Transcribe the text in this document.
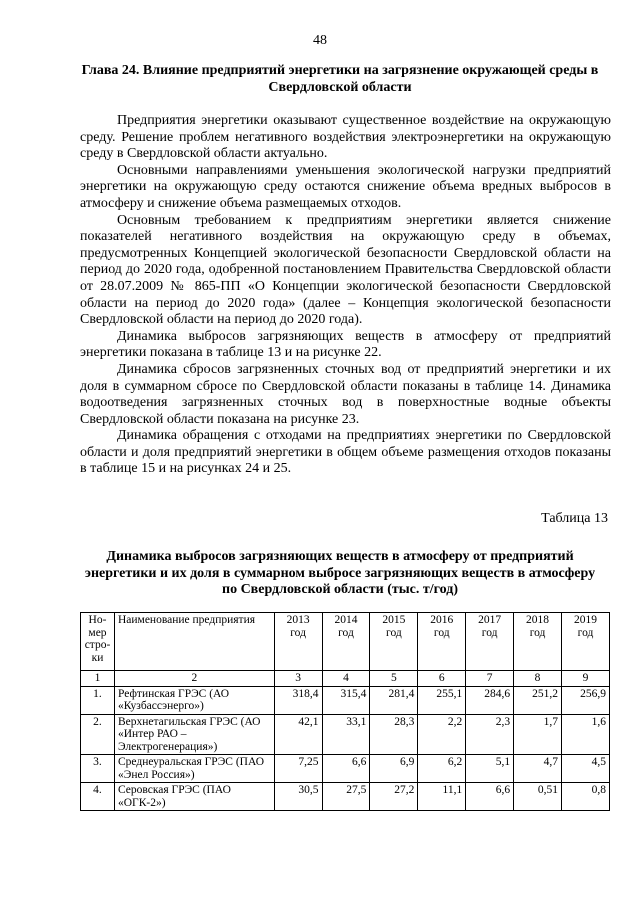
48
Глава 24. Влияние предприятий энергетики на загрязнение окружающей среды в Свердловской области

Предприятия энергетики оказывают существенное воздействие на окружающую среду. Решение проблем негативного воздействия электроэнергетики на окружающую среду в Свердловской области актуально.

Основными направлениями уменьшения экологической нагрузки предприятий энергетики на окружающую среду остаются снижение объема вредных выбросов в атмосферу и снижение объема размещаемых отходов.

Основным требованием к предприятиям энергетики является снижение показателей негативного воздействия на окружающую среду в объемах, предусмотренных Концепцией экологической безопасности Свердловской области на период до 2020 года, одобренной постановлением Правительства Свердловской области от 28.07.2009 № 865-ПП «О Концепции экологической безопасности Свердловской области на период до 2020 года» (далее – Концепция экологической безопасности Свердловской области на период до 2020 года).

Динамика выбросов загрязняющих веществ в атмосферу от предприятий энергетики показана в таблице 13 и на рисунке 22.

Динамика сбросов загрязненных сточных вод от предприятий энергетики и их доля в суммарном сбросе по Свердловской области показаны в таблице 14. Динамика водоотведения загрязненных сточных вод в поверхностные водные объекты Свердловской области показана на рисунке 23.

Динамика обращения с отходами на предприятиях энергетики по Свердловской области и доля предприятий энергетики в общем объеме размещения отходов показаны в таблице 15 и на рисунках 24 и 25.

Таблица 13
Динамика выбросов загрязняющих веществ в атмосферу от предприятий энергетики и их доля в суммарном выбросе загрязняющих веществ в атмосферу по Свердловской области (тыс. т/год)
Но-мер стро-ки	Наименование предприятия	2013 год	2014 год	2015 год	2016 год	2017 год	2018 год	2019 год
1	2	3	4	5	6	7	8	9
1.	Рефтинская ГРЭС (АО «Кузбассэнерго»)	318,4	315,4	281,4	255,1	284,6	251,2	256,9
2.	Верхнетагильская ГРЭС (АО «Интер РАО – Электрогенерация»)	42,1	33,1	28,3	2,2	2,3	1,7	1,6
3.	Среднеуральская ГРЭС (ПАО «Энел Россия»)	7,25	6,6	6,9	6,2	5,1	4,7	4,5
4.	Серовская ГРЭС (ПАО «ОГК-2»)	30,5	27,5	27,2	11,1	6,6	0,51	0,8
